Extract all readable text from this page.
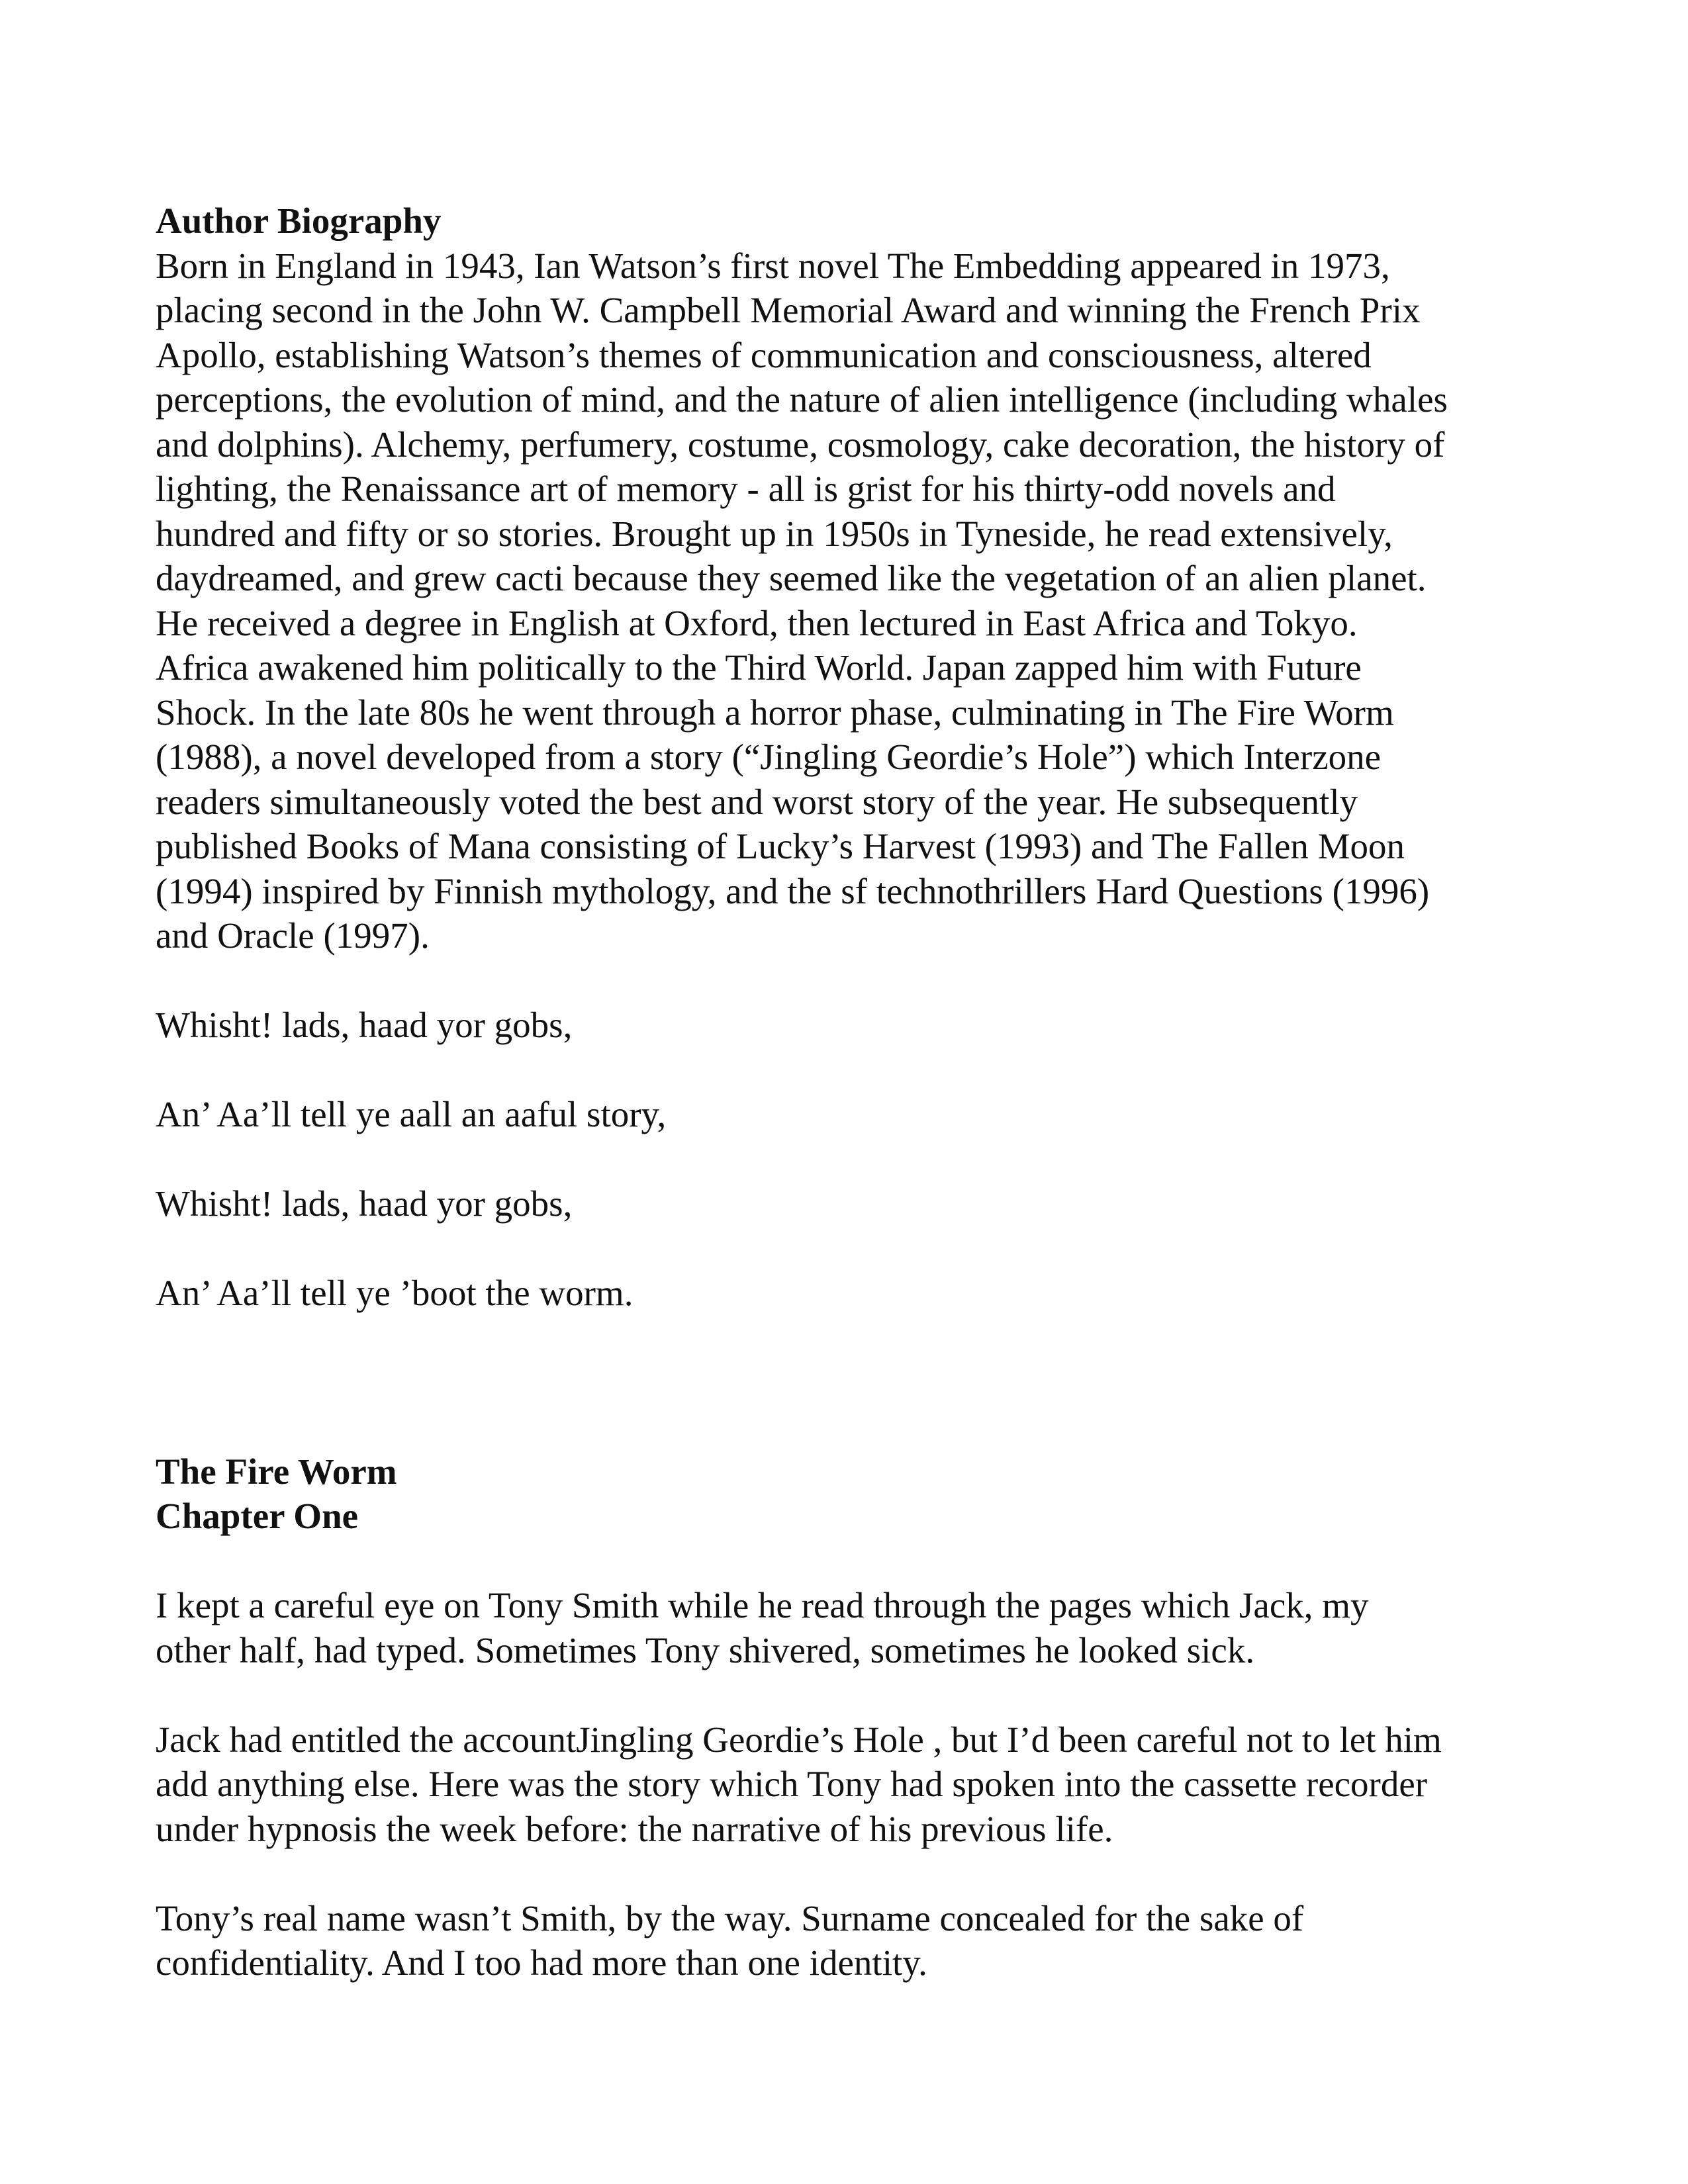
Author Biography
Born in England in 1943, Ian Watson’s first novel The Embedding appeared in 1973,
placing second in the John W. Campbell Memorial Award and winning the French Prix
Apollo, establishing Watson’s themes of communication and consciousness, altered
perceptions, the evolution of mind, and the nature of alien intelligence (including whales
and dolphins). Alchemy, perfumery, costume, cosmology, cake decoration, the history of
lighting, the Renaissance art of memory - all is grist for his thirty-odd novels and
hundred and fifty or so stories. Brought up in 1950s in Tyneside, he read extensively,
daydreamed, and grew cacti because they seemed like the vegetation of an alien planet.
He received a degree in English at Oxford, then lectured in East Africa and Tokyo.
Africa awakened him politically to the Third World. Japan zapped him with Future
Shock. In the late 80s he went through a horror phase, culminating in The Fire Worm
(1988), a novel developed from a story (“Jingling Geordie’s Hole”) which Interzone
readers simultaneously voted the best and worst story of the year. He subsequently
published Books of Mana consisting of Lucky’s Harvest (1993) and The Fallen Moon
(1994) inspired by Finnish mythology, and the sf technothrillers Hard Questions (1996)
and Oracle (1997).
Whisht! lads, haad yor gobs,
An’ Aa’ll tell ye aall an aaful story,
Whisht! lads, haad yor gobs,
An’ Aa’ll tell ye ’boot the worm.
The Fire Worm
Chapter One
I kept a careful eye on Tony Smith while he read through the pages which Jack, my
other half, had typed. Sometimes Tony shivered, sometimes he looked sick.
Jack had entitled the accountJingling Geordie’s Hole , but I’d been careful not to let him
add anything else. Here was the story which Tony had spoken into the cassette recorder
under hypnosis the week before: the narrative of his previous life.
Tony’s real name wasn’t Smith, by the way. Surname concealed for the sake of
confidentiality. And I too had more than one identity.
